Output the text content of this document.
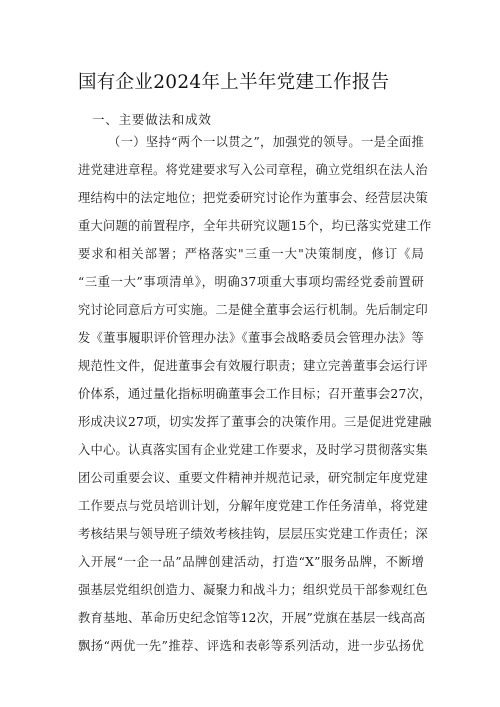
国有企业2024年上半年党建工作报告
一、主要做法和成效
（一）坚持“两个一以贯之”，加强党的领导。一是全面推
进党建进章程。将党建要求写入公司章程，确立党组织在法人治
理结构中的法定地位；把党委研究讨论作为董事会、经营层决策
重大问题的前置程序，全年共研究议题15个，均已落实党建工作
要求和相关部署；严格落实"三重一大"决策制度，修订《局
“三重一大”事项清单》，明确37项重大事项均需经党委前置研
究讨论同意后方可实施。二是健全董事会运行机制。先后制定印
发《董事履职评价管理办法》《董事会战略委员会管理办法》等
规范性文件，促进董事会有效履行职责；建立完善董事会运行评
价体系，通过量化指标明确董事会工作目标；召开董事会27次，
形成决议27项，切实发挥了董事会的决策作用。三是促进党建融
入中心。认真落实国有企业党建工作要求，及时学习贯彻落实集
团公司重要会议、重要文件精神并规范记录，研究制定年度党建
工作要点与党员培训计划，分解年度党建工作任务清单，将党建
考核结果与领导班子绩效考核挂钩，层层压实党建工作责任；深
入开展“一企一品”品牌创建活动，打造“X”服务品牌，不断增
强基层党组织创造力、凝聚力和战斗力；组织党员干部参观红色
教育基地、革命历史纪念馆等12次，开展”党旗在基层一线高高
飘扬“两优一先”推荐、评选和表彰等系列活动，进一步弘扬优
